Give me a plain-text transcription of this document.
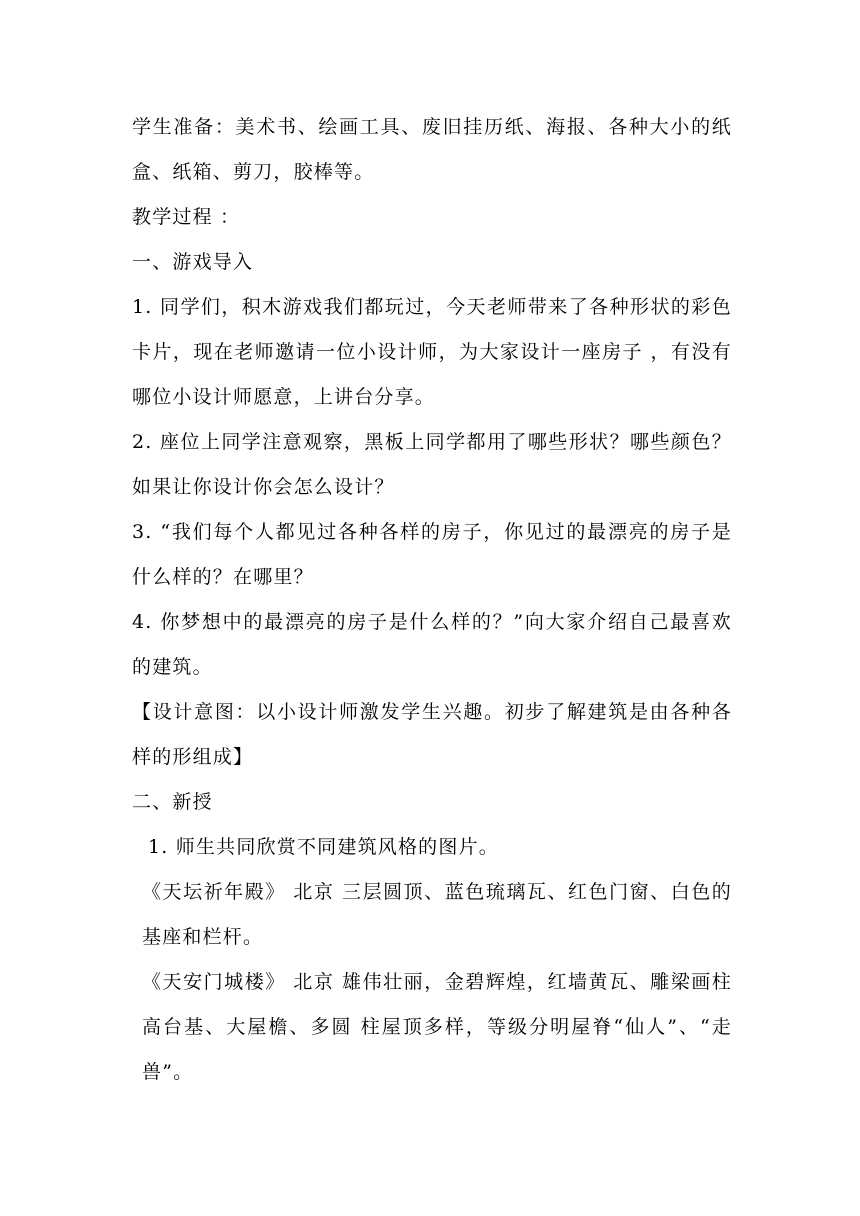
学生准备：美术书、绘画工具、废旧挂历纸、海报、各种大小的纸盒、纸箱、剪刀，胶棒等。

教学过程 ：

一、游戏导入

1. 同学们，积木游戏我们都玩过，今天老师带来了各种形状的彩色卡片，现在老师邀请一位小设计师，为大家设计一座房子 ，有没有哪位小设计师愿意，上讲台分享。

2. 座位上同学注意观察，黑板上同学都用了哪些形状？哪些颜色？如果让你设计你会怎么设计？

3. “我们每个人都见过各种各样的房子，你见过的最漂亮的房子是什么样的？在哪里？

4. 你梦想中的最漂亮的房子是什么样的？”向大家介绍自己最喜欢的建筑。

【设计意图：以小设计师激发学生兴趣。初步了解建筑是由各种各样的形组成】

二、新授

1. 师生共同欣赏不同建筑风格的图片。

《天坛祈年殿》 北京 三层圆顶、蓝色琉璃瓦、红色门窗、白色的基座和栏杆。

《天安门城楼》 北京 雄伟壮丽，金碧辉煌，红墙黄瓦、雕梁画柱高台基、大屋檐、多圆 柱屋顶多样，等级分明屋脊“仙人”、“走兽”。
